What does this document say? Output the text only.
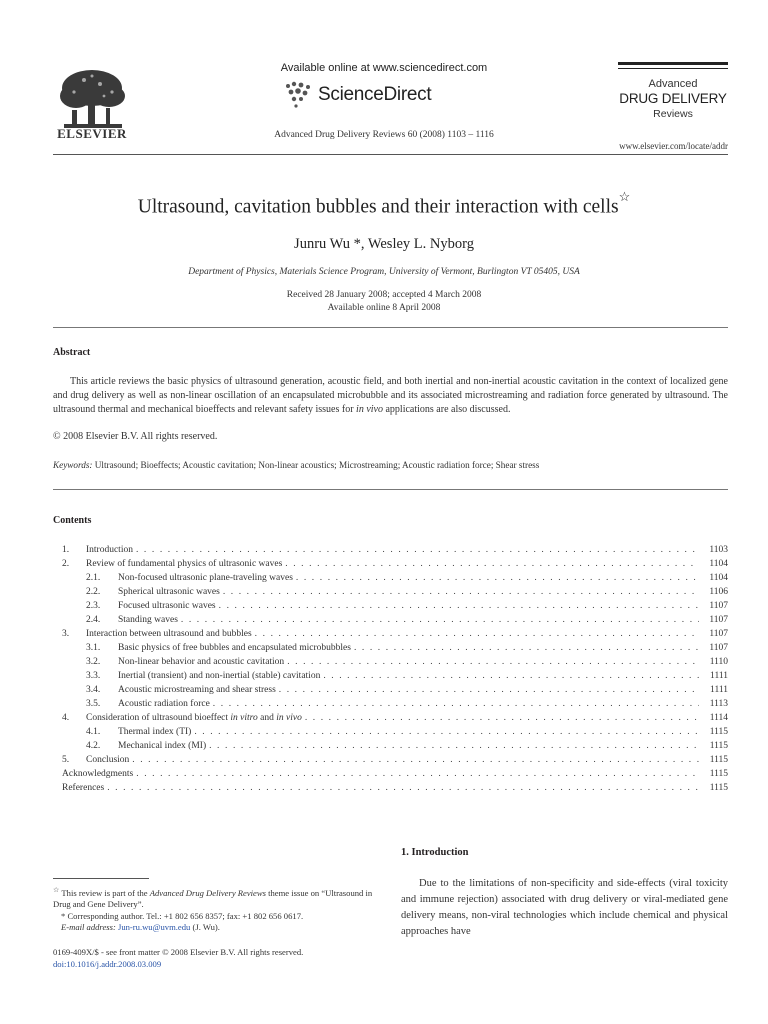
ELSEVIER
Available online at www.sciencedirect.com
ScienceDirect
Advanced Drug Delivery Reviews 60 (2008) 1103 – 1116
Advanced
DRUG DELIVERY
Reviews
www.elsevier.com/locate/addr
Ultrasound, cavitation bubbles and their interaction with cells☆
Junru Wu *, Wesley L. Nyborg
Department of Physics, Materials Science Program, University of Vermont, Burlington VT 05405, USA
Received 28 January 2008; accepted 4 March 2008
Available online 8 April 2008
Abstract

This article reviews the basic physics of ultrasound generation, acoustic field, and both inertial and non-inertial acoustic cavitation in the context of localized gene and drug delivery as well as non-linear oscillation of an encapsulated microbubble and its associated microstreaming and radiation force generated by ultrasound. The ultrasound thermal and mechanical bioeffects and relevant safety issues for in vivo applications are also discussed.

© 2008 Elsevier B.V. All rights reserved.
Keywords: Ultrasound; Bioeffects; Acoustic cavitation; Non-linear acoustics; Microstreaming; Acoustic radiation force; Shear stress
Contents
1.	Introduction . . .	1103
2.	Review of fundamental physics of ultrasonic waves . . .	1104
2.1.	Non-focused ultrasonic plane-traveling waves . . .	1104
2.2.	Spherical ultrasonic waves . . .	1106
2.3.	Focused ultrasonic waves . . .	1107
2.4.	Standing waves . . .	1107
3.	Interaction between ultrasound and bubbles . . .	1107
3.1.	Basic physics of free bubbles and encapsulated microbubbles . . .	1107
3.2.	Non-linear behavior and acoustic cavitation . . .	1110
3.3.	Inertial (transient) and non-inertial (stable) cavitation . . .	1111
3.4.	Acoustic microstreaming and shear stress . . .	1111
3.5.	Acoustic radiation force . . .	1113
4.	Consideration of ultrasound bioeffect in vitro and in vivo . . .	1114
4.1.	Thermal index (TI) . . .	1115
4.2.	Mechanical index (MI) . . .	1115
5.	Conclusion . . .	1115
Acknowledgments . . .	1115
References . . .	1115
1. Introduction

Due to the limitations of non-specificity and side-effects (viral toxicity and immune rejection) associated with drug delivery or viral-mediated gene delivery means, non-viral technologies which include chemical and physical approaches have

☆ This review is part of the Advanced Drug Delivery Reviews theme issue on “Ultrasound in Drug and Gene Delivery”.

* Corresponding author. Tel.: +1 802 656 8357; fax: +1 802 656 0617.

E-mail address: Jun-ru.wu@uvm.edu (J. Wu).

0169-409X/$ - see front matter © 2008 Elsevier B.V. All rights reserved.
doi:10.1016/j.addr.2008.03.009
